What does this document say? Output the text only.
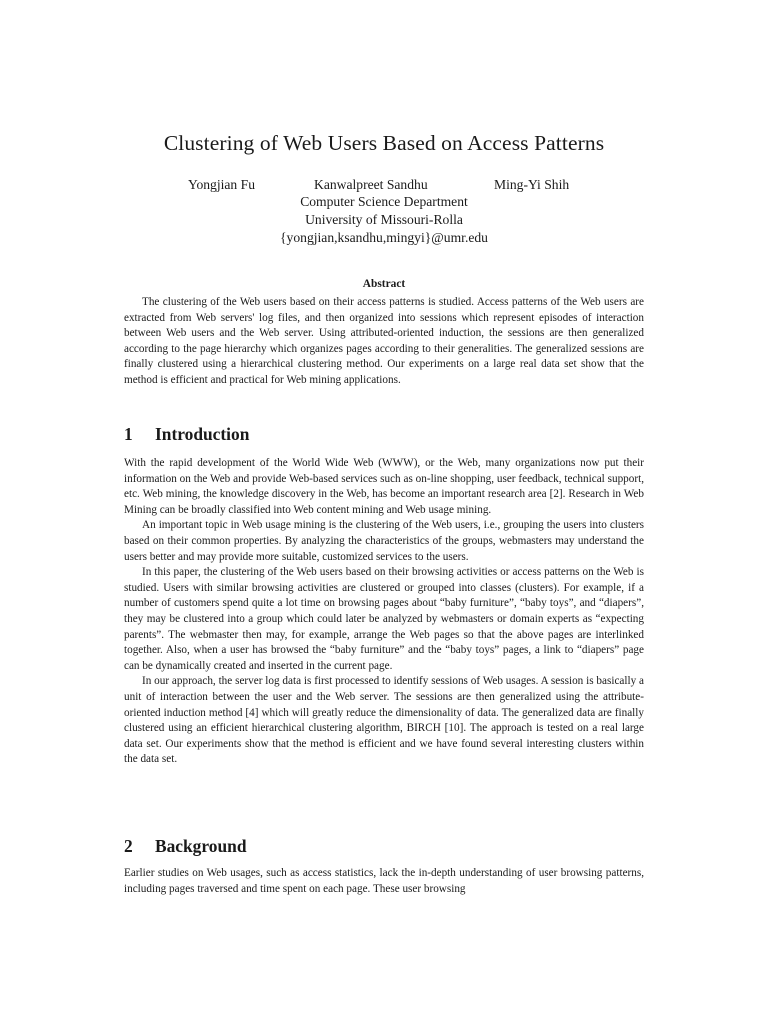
Clustering of Web Users Based on Access Patterns
Yongjian Fu	Kanwalpreet Sandhu	Ming-Yi Shih
Computer Science Department
University of Missouri-Rolla
{yongjian,ksandhu,mingyi}@umr.edu
Abstract

The clustering of the Web users based on their access patterns is studied. Access patterns of the Web users are extracted from Web servers' log files, and then organized into sessions which represent episodes of interaction between Web users and the Web server. Using attributed-oriented induction, the sessions are then generalized according to the page hierarchy which organizes pages according to their generalities. The generalized sessions are finally clustered using a hierarchical clustering method. Our experiments on a large real data set show that the method is efficient and practical for Web mining applications.

1 Introduction

With the rapid development of the World Wide Web (WWW), or the Web, many organizations now put their information on the Web and provide Web-based services such as on-line shopping, user feedback, technical support, etc. Web mining, the knowledge discovery in the Web, has become an important research area [2]. Research in Web Mining can be broadly classified into Web content mining and Web usage mining.

An important topic in Web usage mining is the clustering of the Web users, i.e., grouping the users into clusters based on their common properties. By analyzing the characteristics of the groups, webmasters may understand the users better and may provide more suitable, customized services to the users.

In this paper, the clustering of the Web users based on their browsing activities or access patterns on the Web is studied. Users with similar browsing activities are clustered or grouped into classes (clusters). For example, if a number of customers spend quite a lot time on browsing pages about “baby furniture”, “baby toys”, and “diapers”, they may be clustered into a group which could later be analyzed by webmasters or domain experts as “expecting parents”. The webmaster then may, for example, arrange the Web pages so that the above pages are interlinked together. Also, when a user has browsed the “baby furniture” and the “baby toys” pages, a link to “diapers” page can be dynamically created and inserted in the current page.

In our approach, the server log data is first processed to identify sessions of Web usages. A session is basically a unit of interaction between the user and the Web server. The sessions are then generalized using the attribute-oriented induction method [4] which will greatly reduce the dimensionality of data. The generalized data are finally clustered using an efficient hierarchical clustering algorithm, BIRCH [10]. The approach is tested on a real large data set. Our experiments show that the method is efficient and we have found several interesting clusters within the data set.

2 Background

Earlier studies on Web usages, such as access statistics, lack the in-depth understanding of user browsing patterns, including pages traversed and time spent on each page. These user browsing
